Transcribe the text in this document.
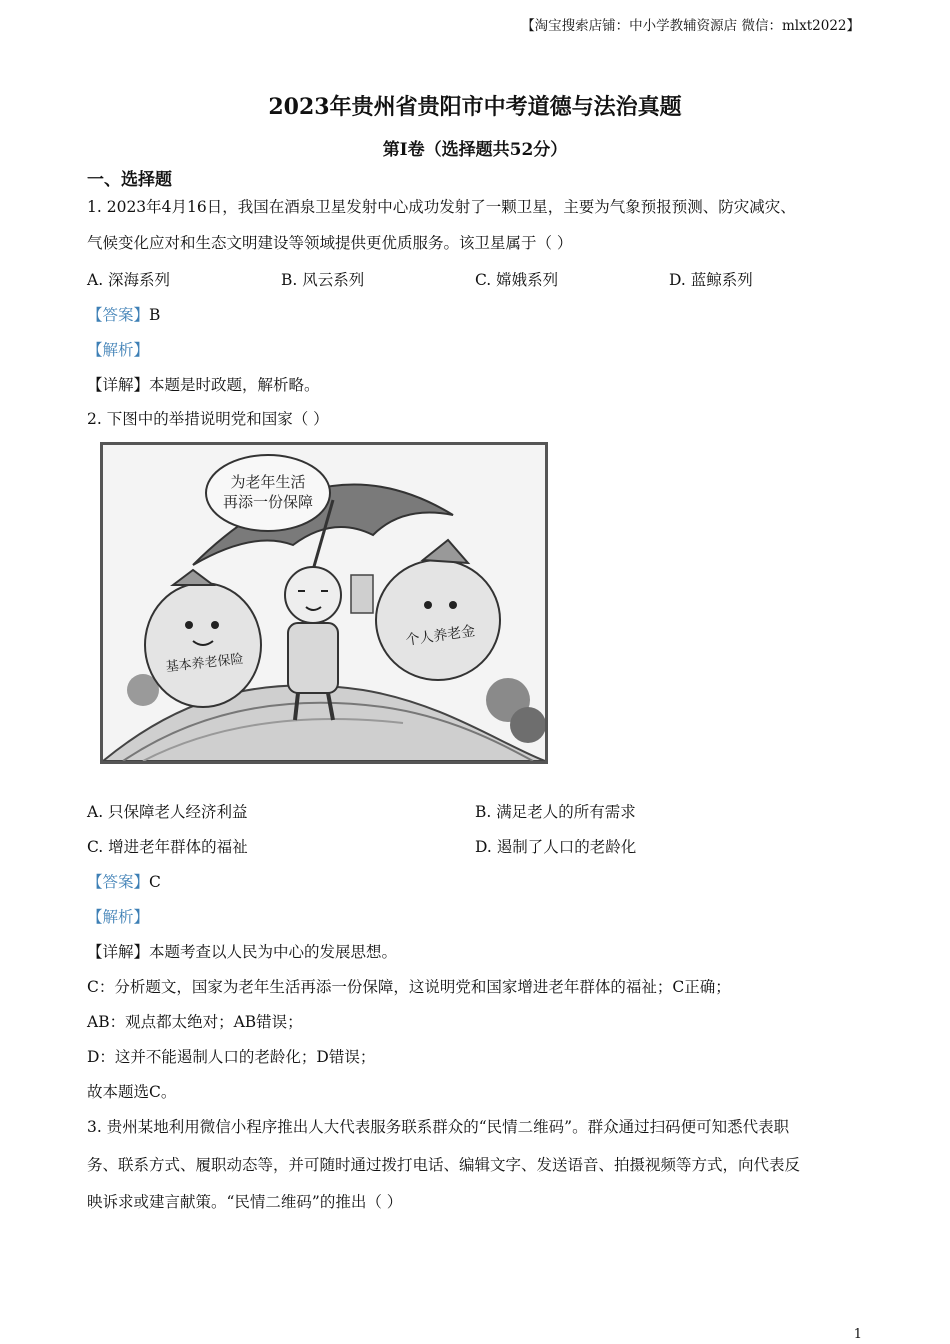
【淘宝搜索店铺：中小学教辅资源店 微信：mlxt2022】
2023年贵州省贵阳市中考道德与法治真题
第Ⅰ卷（选择题共52分）
一、选择题
1. 2023年4月16日，我国在酒泉卫星发射中心成功发射了一颗卫星，主要为气象预报预测、防灾减灾、
气候变化应对和生态文明建设等领域提供更优质服务。该卫星属于（ ）
A. 深海系列	B. 风云系列	C. 嫦娥系列	D. 蓝鲸系列
【答案】B
【解析】
【详解】本题是时政题，解析略。
2. 下图中的举措说明党和国家（ ）
为老年生活
再添一份保障
基本养老保险
个人养老金
A. 只保障老人经济利益	B. 满足老人的所有需求
C. 增进老年群体的福祉	D. 遏制了人口的老龄化
【答案】C
【解析】
【详解】本题考查以人民为中心的发展思想。
C：分析题文，国家为老年生活再添一份保障，这说明党和国家增进老年群体的福祉；C正确；
AB：观点都太绝对；AB错误；
D：这并不能遏制人口的老龄化；D错误；
故本题选C。
3. 贵州某地利用微信小程序推出人大代表服务联系群众的“民情二维码”。群众通过扫码便可知悉代表职
务、联系方式、履职动态等，并可随时通过拨打电话、编辑文字、发送语音、拍摄视频等方式，向代表反
映诉求或建言献策。“民情二维码”的推出（ ）
1
